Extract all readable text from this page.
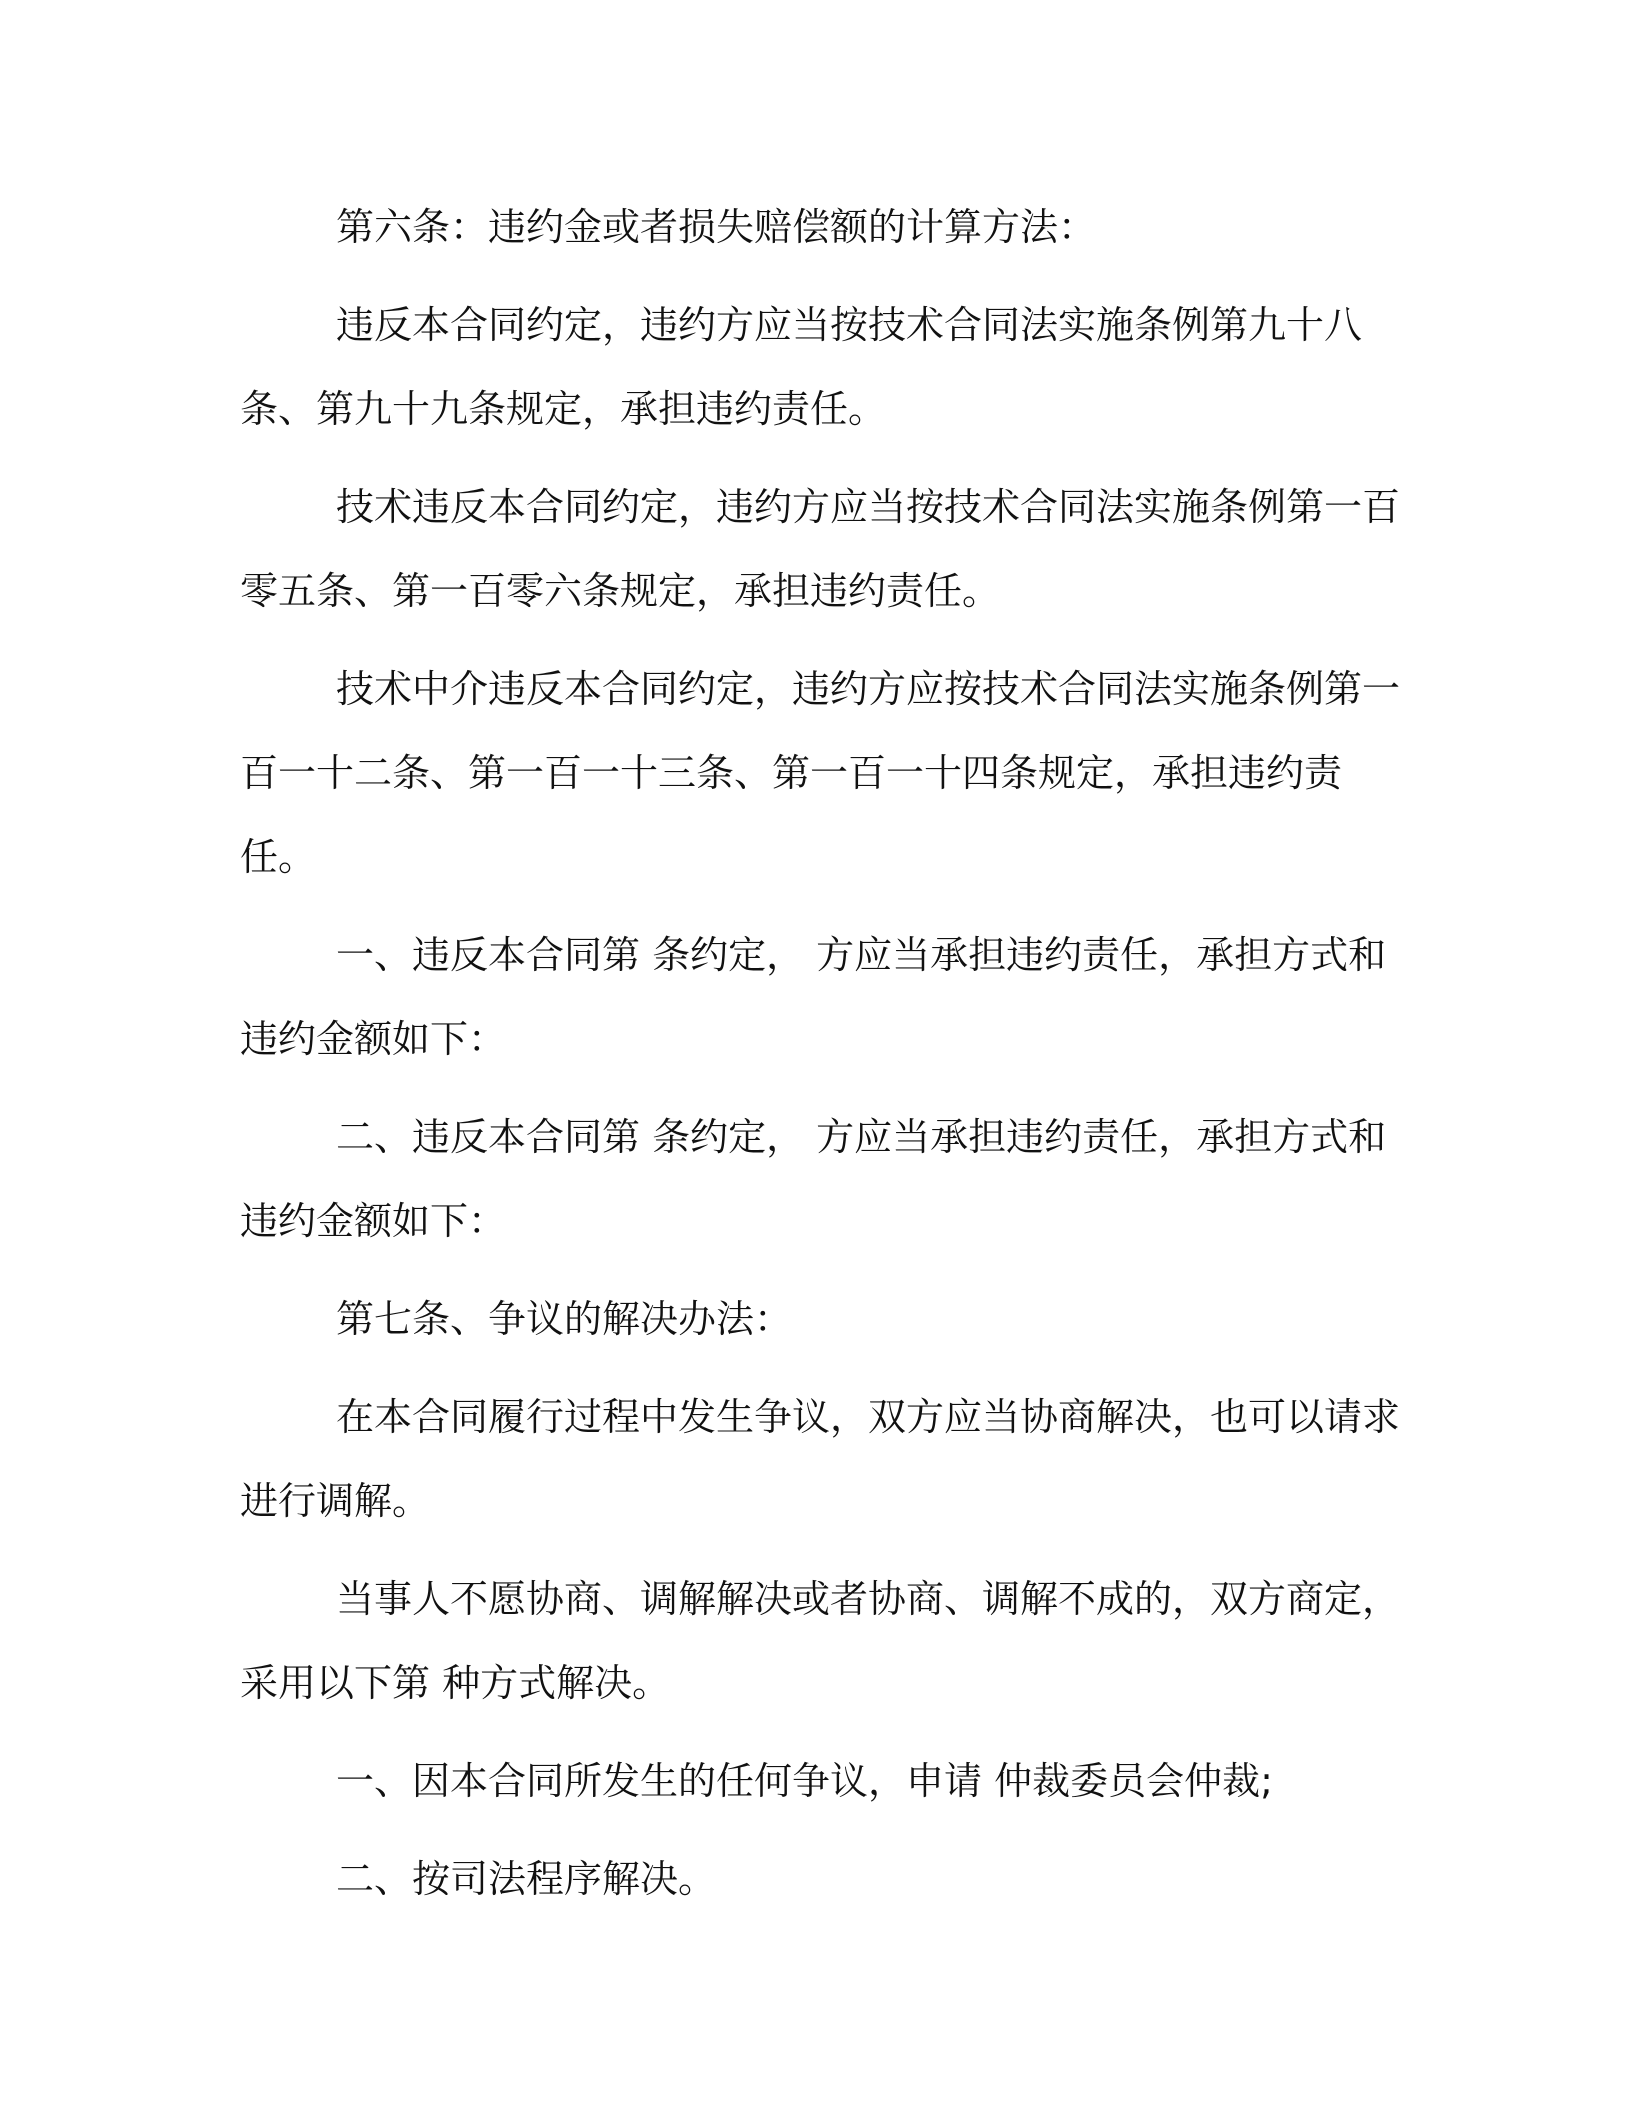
第六条：违约金或者损失赔偿额的计算方法：

违反本合同约定，违约方应当按技术合同法实施条例第九十八条、第九十九条规定，承担违约责任。

技术违反本合同约定，违约方应当按技术合同法实施条例第一百零五条、第一百零六条规定，承担违约责任。

技术中介违反本合同约定，违约方应按技术合同法实施条例第一百一十二条、第一百一十三条、第一百一十四条规定，承担违约责任。

一、违反本合同第 条约定， 方应当承担违约责任，承担方式和违约金额如下：

二、违反本合同第 条约定， 方应当承担违约责任，承担方式和违约金额如下：

第七条、争议的解决办法：

在本合同履行过程中发生争议，双方应当协商解决，也可以请求进行调解。

当事人不愿协商、调解解决或者协商、调解不成的，双方商定，采用以下第 种方式解决。

一、因本合同所发生的任何争议，申请 仲裁委员会仲裁;

二、按司法程序解决。
